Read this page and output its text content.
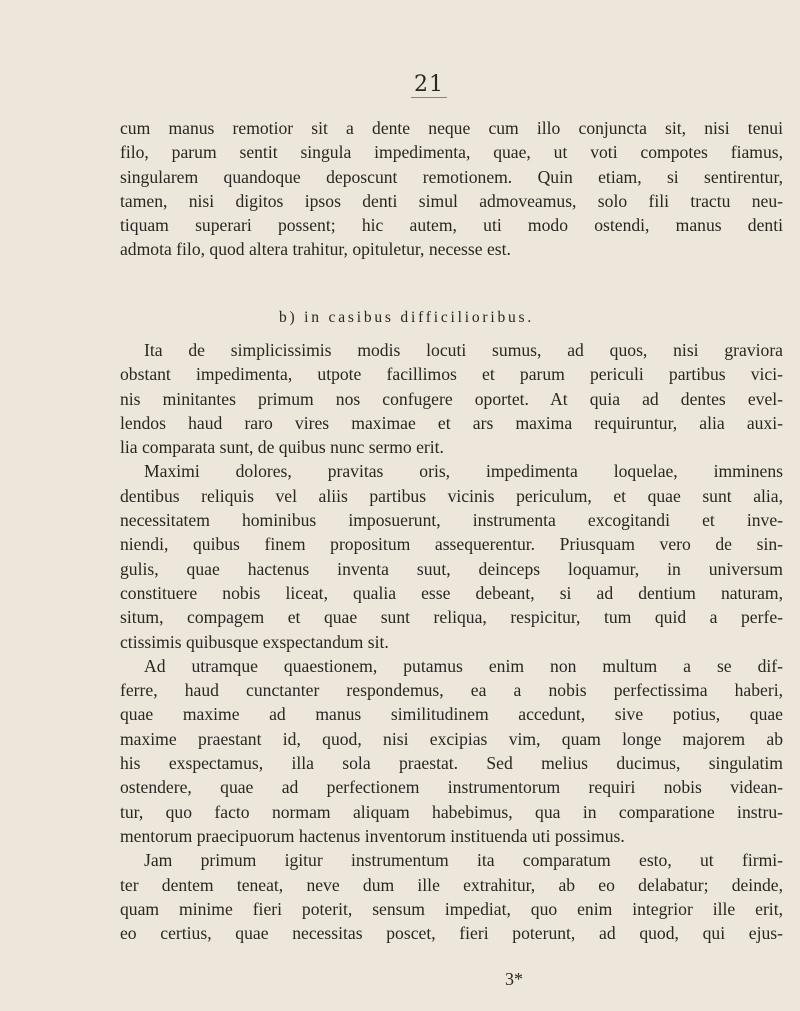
21
cum manus remotior sit a dente neque cum illo conjuncta sit, nisi tenui
filo, parum sentit singula impedimenta, quae, ut voti compotes fiamus,
singularem quandoque deposcunt remotionem. Quin etiam, si sentirentur,
tamen, nisi digitos ipsos denti simul admoveamus, solo fili tractu neu-
tiquam superari possent; hic autem, uti modo ostendi, manus denti
admota filo, quod altera trahitur, opituletur, necesse est.
b) in casibus difficilioribus.
Ita de simplicissimis modis locuti sumus, ad quos, nisi graviora
obstant impedimenta, utpote facillimos et parum periculi partibus vici-
nis minitantes primum nos confugere oportet. At quia ad dentes evel-
lendos haud raro vires maximae et ars maxima requiruntur, alia auxi-
lia comparata sunt, de quibus nunc sermo erit.
Maximi dolores, pravitas oris, impedimenta loquelae, imminens
dentibus reliquis vel aliis partibus vicinis periculum, et quae sunt alia,
necessitatem hominibus imposuerunt, instrumenta excogitandi et inve-
niendi, quibus finem propositum assequerentur. Priusquam vero de sin-
gulis, quae hactenus inventa suut, deinceps loquamur, in universum
constituere nobis liceat, qualia esse debeant, si ad dentium naturam,
situm, compagem et quae sunt reliqua, respicitur, tum quid a perfe-
ctissimis quibusque exspectandum sit.
Ad utramque quaestionem, putamus enim non multum a se dif-
ferre, haud cunctanter respondemus, ea a nobis perfectissima haberi,
quae maxime ad manus similitudinem accedunt, sive potius, quae
maxime praestant id, quod, nisi excipias vim, quam longe majorem ab
his exspectamus, illa sola praestat. Sed melius ducimus, singulatim
ostendere, quae ad perfectionem instrumentorum requiri nobis videan-
tur, quo facto normam aliquam habebimus, qua in comparatione instru-
mentorum praecipuorum hactenus inventorum instituenda uti possimus.
Jam primum igitur instrumentum ita comparatum esto, ut firmi-
ter dentem teneat, neve dum ille extrahitur, ab eo delabatur; deinde,
quam minime fieri poterit, sensum impediat, quo enim integrior ille erit,
eo certius, quae necessitas poscet, fieri poterunt, ad quod, qui ejus-
3*
